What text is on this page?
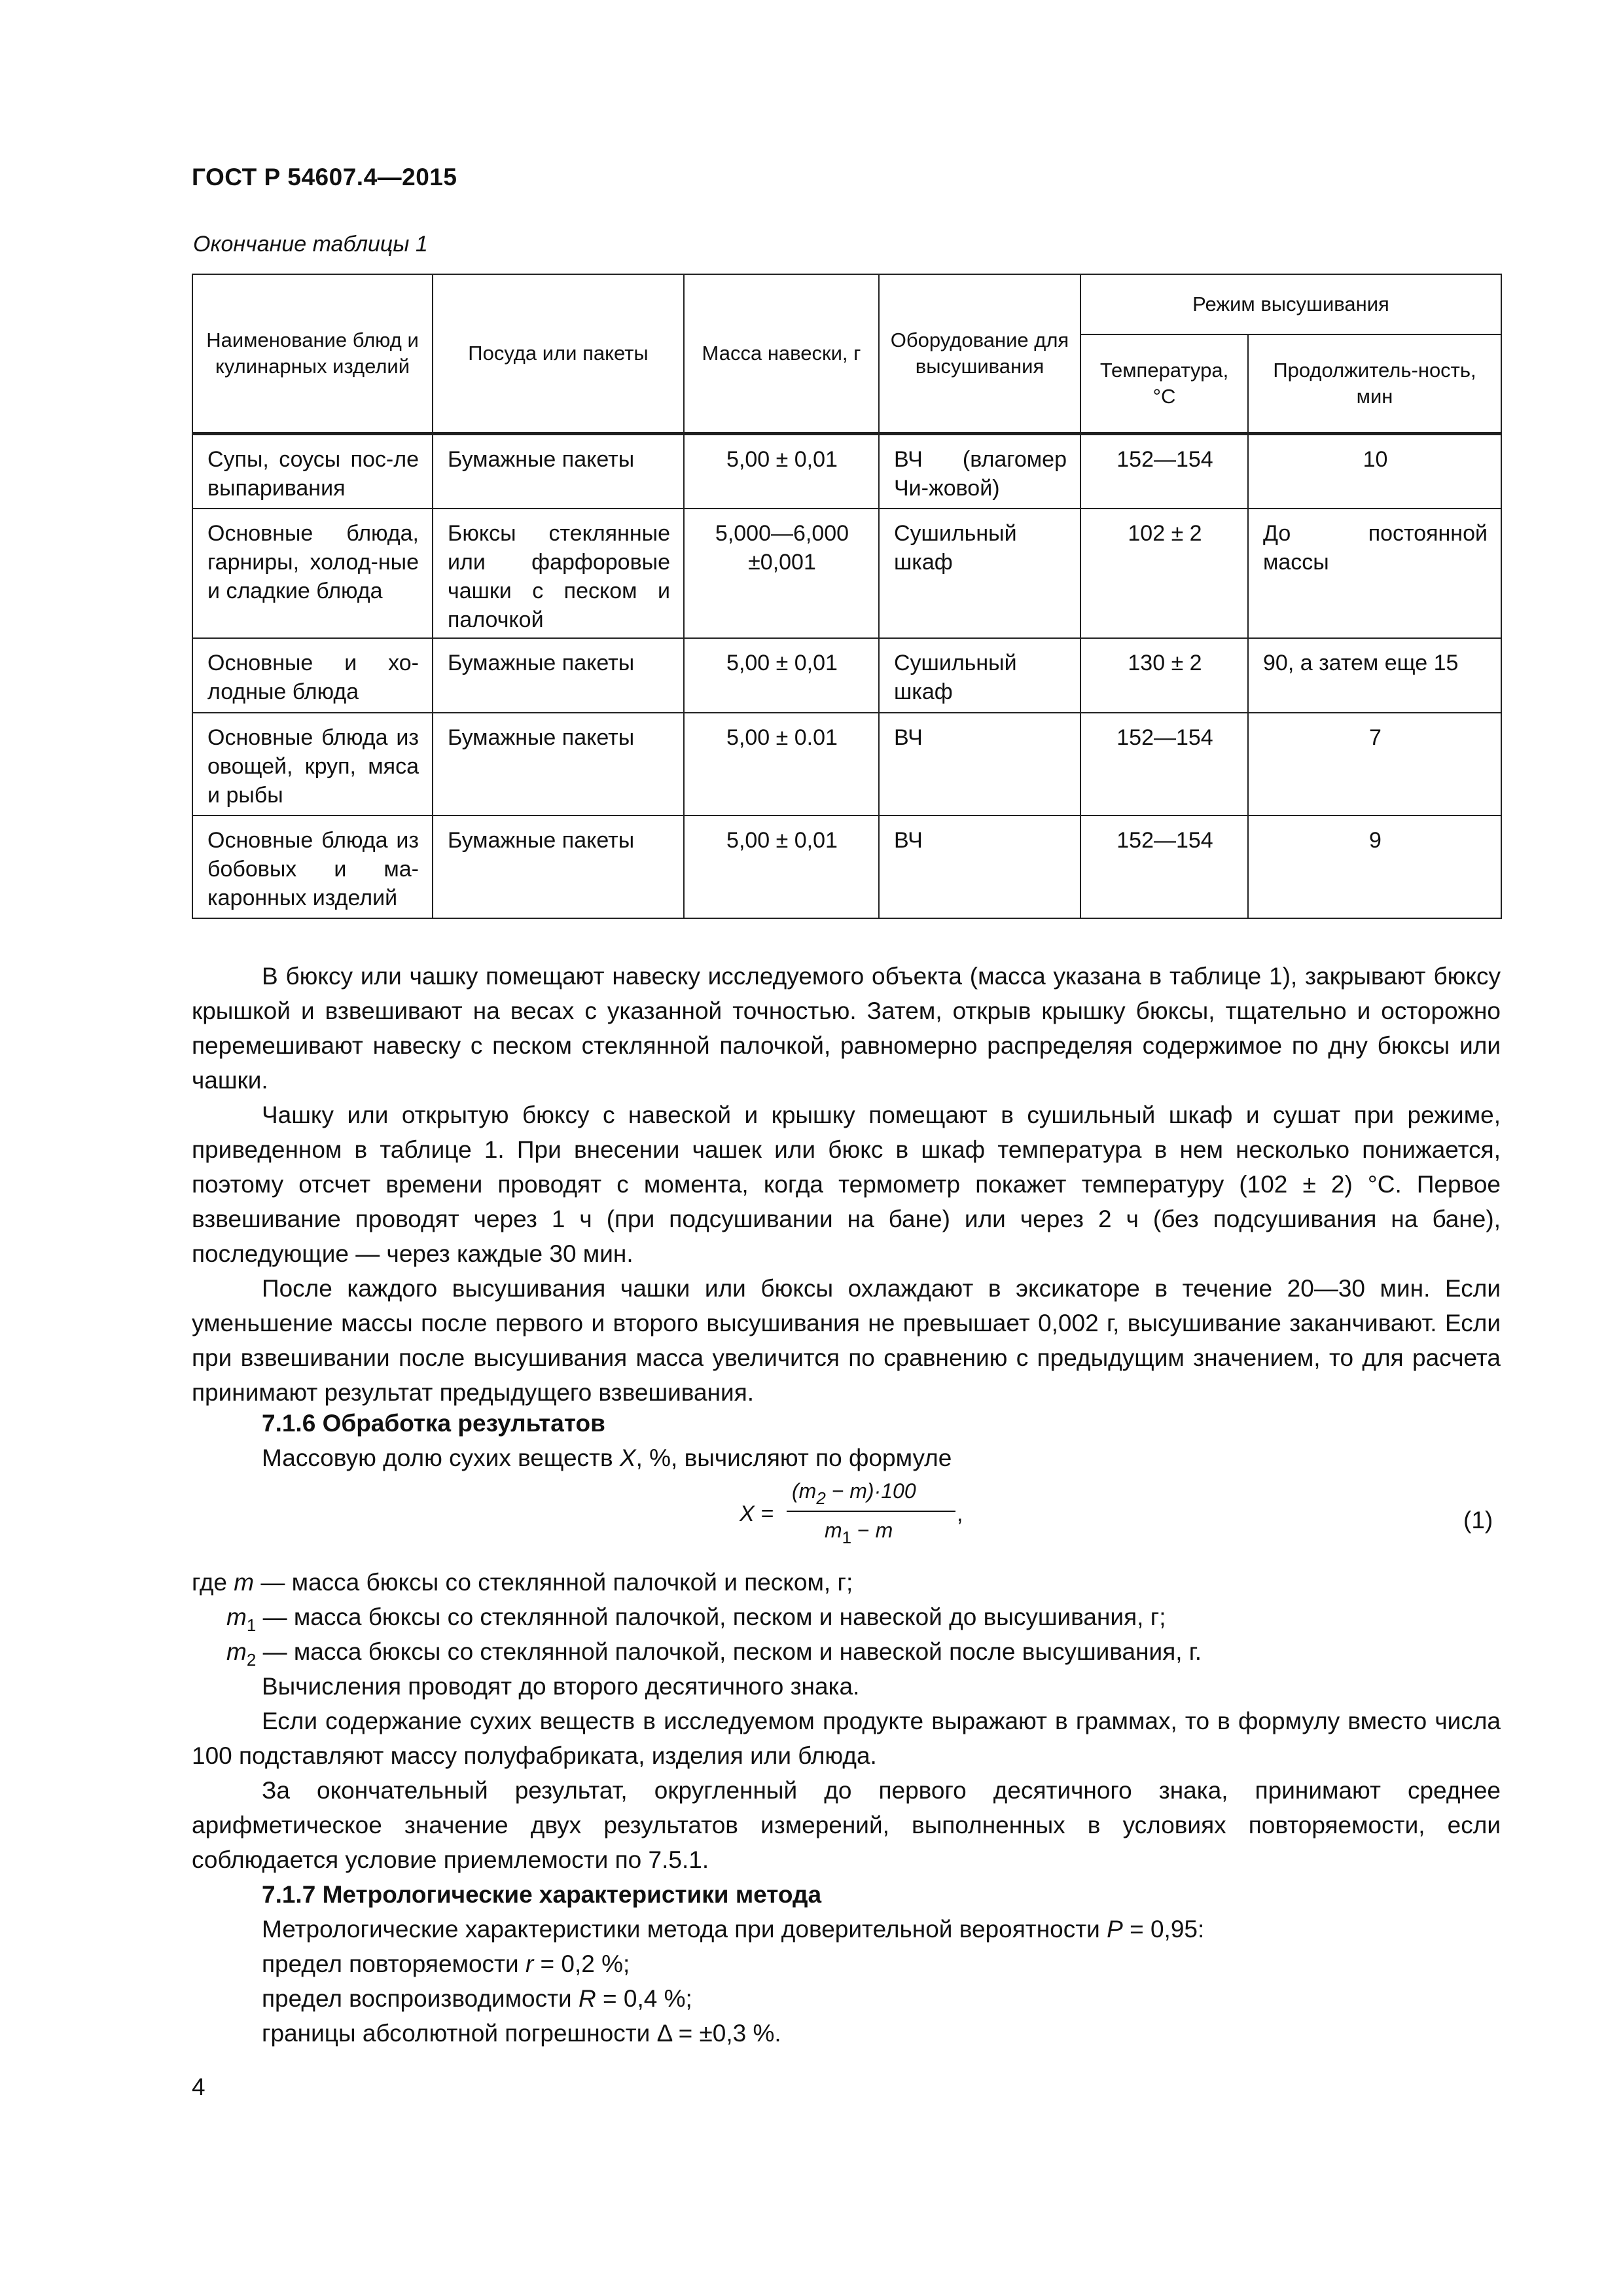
ГОСТ Р 54607.4—2015
Окончание таблицы 1
Наименование блюд и кулинарных изделий	Посуда или пакеты	Масса навески, г	Оборудование для высушивания	Режим высушивания	
				Температура, °С	Продолжитель-ность, мин
Супы, соусы пос-ле выпаривания	Бумажные пакеты	5,00 ± 0,01	ВЧ (влагомер Чи-жовой)	152—154	10
Основные блюда, гарниры, холод-ные и сладкие блюда	Бюксы стеклянные или фарфоровые чашки с песком и палочкой	5,000—6,000 ±0,001	Сушильный шкаф	102 ± 2	До постоянной массы
Основные и хо-лодные блюда	Бумажные пакеты	5,00 ± 0,01	Сушильный шкаф	130 ± 2	90, а затем еще 15
Основные блюда из овощей, круп, мяса и рыбы	Бумажные пакеты	5,00 ± 0.01	ВЧ	152—154	7
Основные блюда из бобовых и ма-каронных изделий	Бумажные пакеты	5,00 ± 0,01	ВЧ	152—154	9

В бюксу или чашку помещают навеску исследуемого объекта (масса указана в таблице 1), закрывают бюксу крышкой и взвешивают на весах с указанной точностью. Затем, открыв крышку бюксы, тщательно и осторожно перемешивают навеску с песком стеклянной палочкой, равномерно распределяя содержимое по дну бюксы или чашки.

Чашку или открытую бюксу с навеской и крышку помещают в сушильный шкаф и сушат при режиме, приведенном в таблице 1. При внесении чашек или бюкс в шкаф температура в нем несколько понижается, поэтому отсчет времени проводят с момента, когда термометр покажет температуру (102 ± 2) °С. Первое взвешивание проводят через 1 ч (при подсушивании на бане) или через 2 ч (без подсушивания на бане), последующие — через каждые 30 мин.

После каждого высушивания чашки или бюксы охлаждают в эксикаторе в течение 20—30 мин. Если уменьшение массы после первого и второго высушивания не превышает 0,002 г, высушивание заканчивают. Если при взвешивании после высушивания масса увеличится по сравнению с предыдущим значением, то для расчета принимают результат предыдущего взвешивания.

7.1.6 Обработка результатов
Массовую долю сухих веществ X, %, вычисляют по формуле
X =
$(m_2 - m)\cdot 100$
$m_1 - m$
,	(1)
где m — масса бюксы со стеклянной палочкой и песком, г;
$m_1$ — масса бюксы со стеклянной палочкой, песком и навеской до высушивания, г;
$m_2$ — масса бюксы со стеклянной палочкой, песком и навеской после высушивания, г.

Вычисления проводят до второго десятичного знака.

Если содержание сухих веществ в исследуемом продукте выражают в граммах, то в формулу вместо числа 100 подставляют массу полуфабриката, изделия или блюда.

За окончательный результат, округленный до первого десятичного знака, принимают среднее арифметическое значение двух результатов измерений, выполненных в условиях повторяемости, если соблюдается условие приемлемости по 7.5.1.

7.1.7 Метрологические характеристики метода
Метрологические характеристики метода при доверительной вероятности P = 0,95:
предел повторяемости r = 0,2 %;
предел воспроизводимости R = 0,4 %;
границы абсолютной погрешности Δ = ±0,3 %.
4
